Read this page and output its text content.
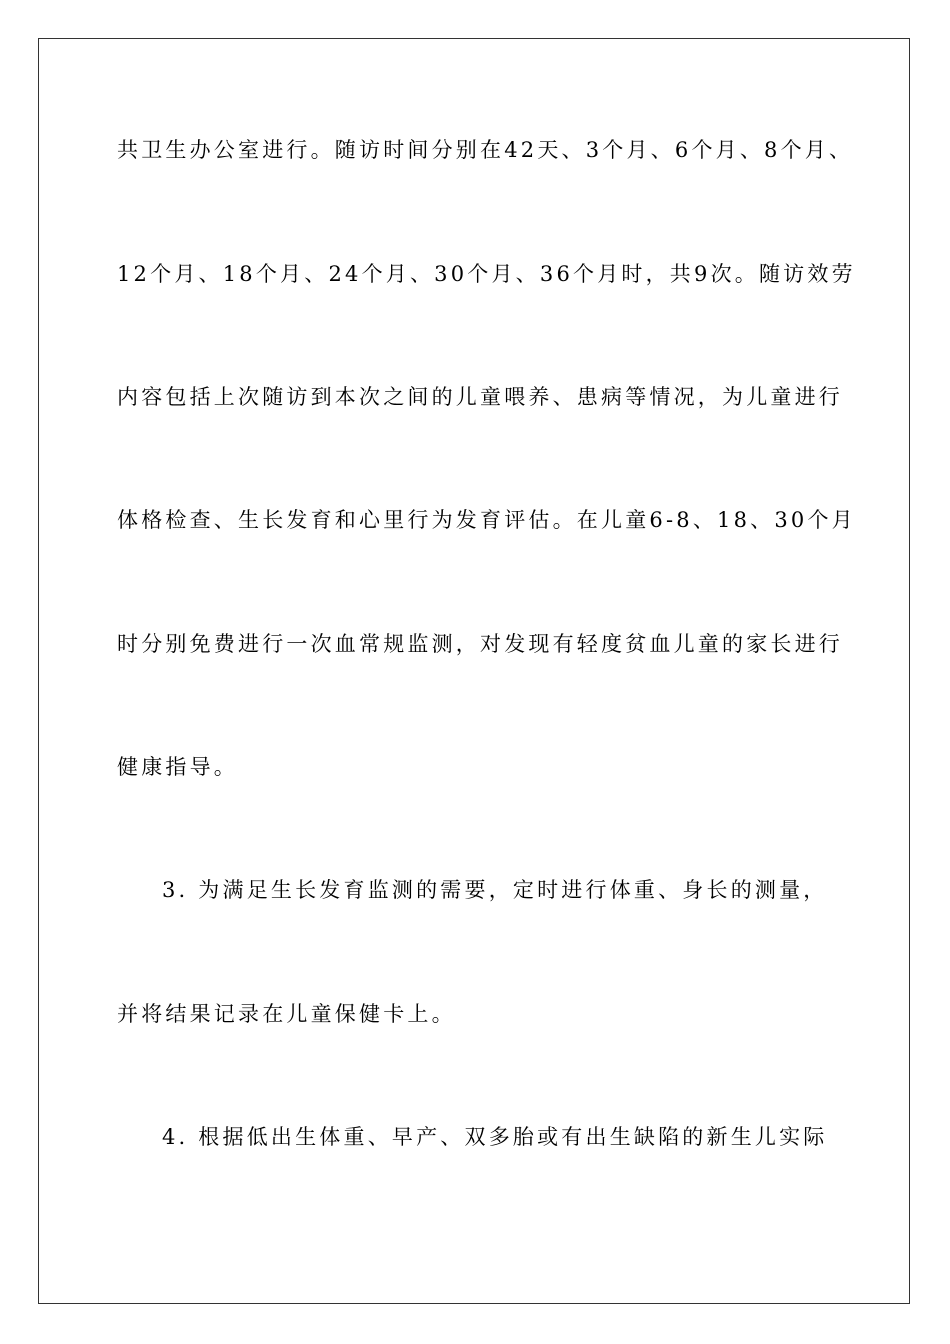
共卫生办公室进行。随访时间分别在42天、3个月、6个月、8个月、
12个月、18个月、24个月、30个月、36个月时，共9次。随访效劳
内容包括上次随访到本次之间的儿童喂养、患病等情况，为儿童进行
体格检查、生长发育和心里行为发育评估。在儿童6-8、18、30个月
时分别免费进行一次血常规监测，对发现有轻度贫血儿童的家长进行
健康指导。
3. 为满足生长发育监测的需要，定时进行体重、身长的测量，
并将结果记录在儿童保健卡上。
4. 根据低出生体重、早产、双多胎或有出生缺陷的新生儿实际
